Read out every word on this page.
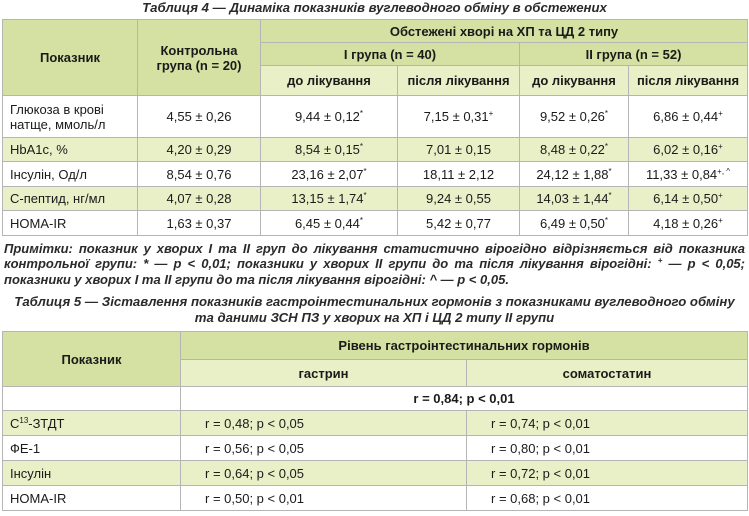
Таблиця 4 — Динаміка показників вуглеводного обміну в обстежених
Показник	Контрольна група (n = 20)	Обстежені хворі на ХП та ЦД 2 типу			
		I група (n = 40)		II група (n = 52)	
		до лікування	після лікування	до лікування	після лікування
Глюкоза в крові натще, ммоль/л	4,55 ± 0,26	9,44 ± 0,12*	7,15 ± 0,31+	9,52 ± 0,26*	6,86 ± 0,44+
HbA1c, %	4,20 ± 0,29	8,54 ± 0,15*	7,01 ± 0,15	8,48 ± 0,22*	6,02 ± 0,16+
Інсулін, Од/л	8,54 ± 0,76	23,16 ± 2,07*	18,11 ± 2,12	24,12 ± 1,88*	11,33 ± 0,84+, ^
С-пептид, нг/мл	4,07 ± 0,28	13,15 ± 1,74*	9,24 ± 0,55	14,03 ± 1,44*	6,14 ± 0,50+
HOMA-IR	1,63 ± 0,37	6,45 ± 0,44*	5,42 ± 0,77	6,49 ± 0,50*	4,18 ± 0,26+
Примітки: показник у хворих I та II груп до лікування статистично вірогідно відрізняється від показника контрольної групи: * — р < 0,01; показники у хворих II групи до та після лікування вірогідні: + — р < 0,05; показники у хворих I та II групи до та після лікування вірогідні: ^ — р < 0,05.
Таблиця 5 — Зіставлення показників гастроінтестинальних гормонів з показниками вуглеводного обміну
та даними ЗСН ПЗ у хворих на ХП і ЦД 2 типу II групи
Показник	Рівень гастроінтестинальних гормонів	
	гастрин	соматостатин
	r = 0,84; p < 0,01	
$С^{13}$-ЗТДТ	r = 0,48; p < 0,05	r = 0,74; p < 0,01
ФЕ-1	r = 0,56; p < 0,05	r = 0,80; p < 0,01
Інсулін	r = 0,64; p < 0,05	r = 0,72; p < 0,01
HOMA-IR	r = 0,50; p < 0,01	r = 0,68; p < 0,01
